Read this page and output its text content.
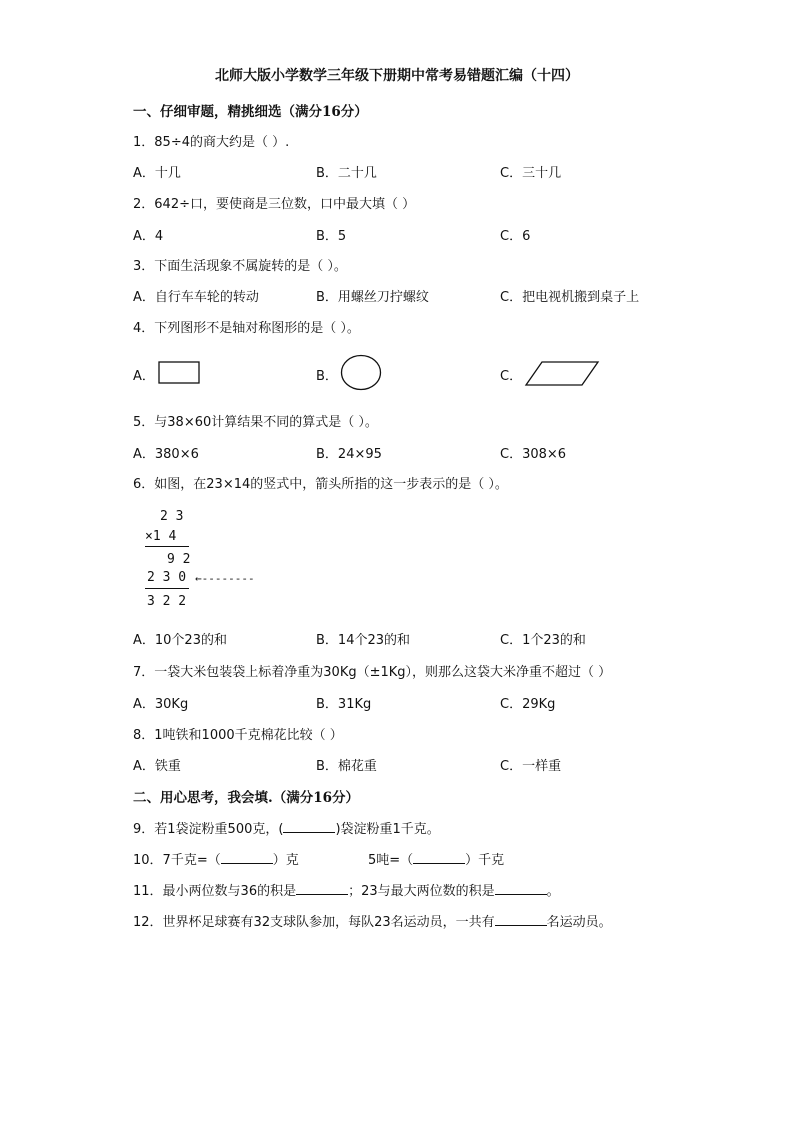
北师大版小学数学三年级下册期中常考易错题汇编（十四）
一、仔细审题，精挑细选（满分16分）
1．85÷4的商大约是（ ）.
A．十几	B．二十几	C．三十几
2．642÷口，要使商是三位数，口中最大填（ ）
A．4	B．5	C．6
3．下面生活现象不属旋转的是（ ）。
A．自行车车轮的转动	B．用螺丝刀拧螺纹	C．把电视机搬到桌子上
4．下列图形不是轴对称图形的是（ ）。
A．	B．	C．
5．与38×60计算结果不同的算式是（ ）。
A．380×6	B．24×95	C．308×6
6．如图，在23×14的竖式中，箭头所指的这一步表示的是（ ）。
2 3
×1 4
9 2
2 3 0 ←--------
3 2 2
A．10个23的和	B．14个23的和	C．1个23的和
7．一袋大米包装袋上标着净重为30Kg（±1Kg），则那么这袋大米净重不超过（ ）
A．30Kg	B．31Kg	C．29Kg
8．1吨铁和1000千克棉花比较（ ）
A．铁重	B．棉花重	C．一样重
二、用心思考，我会填.（满分16分）
9．若1袋淀粉重500克，(	)袋淀粉重1千克。
10．7千克=（	）克	5吨=（	）千克
11．最小两位数与36的积是	；23与最大两位数的积是	。
12．世界杯足球赛有32支球队参加，每队23名运动员，一共有	名运动员。
